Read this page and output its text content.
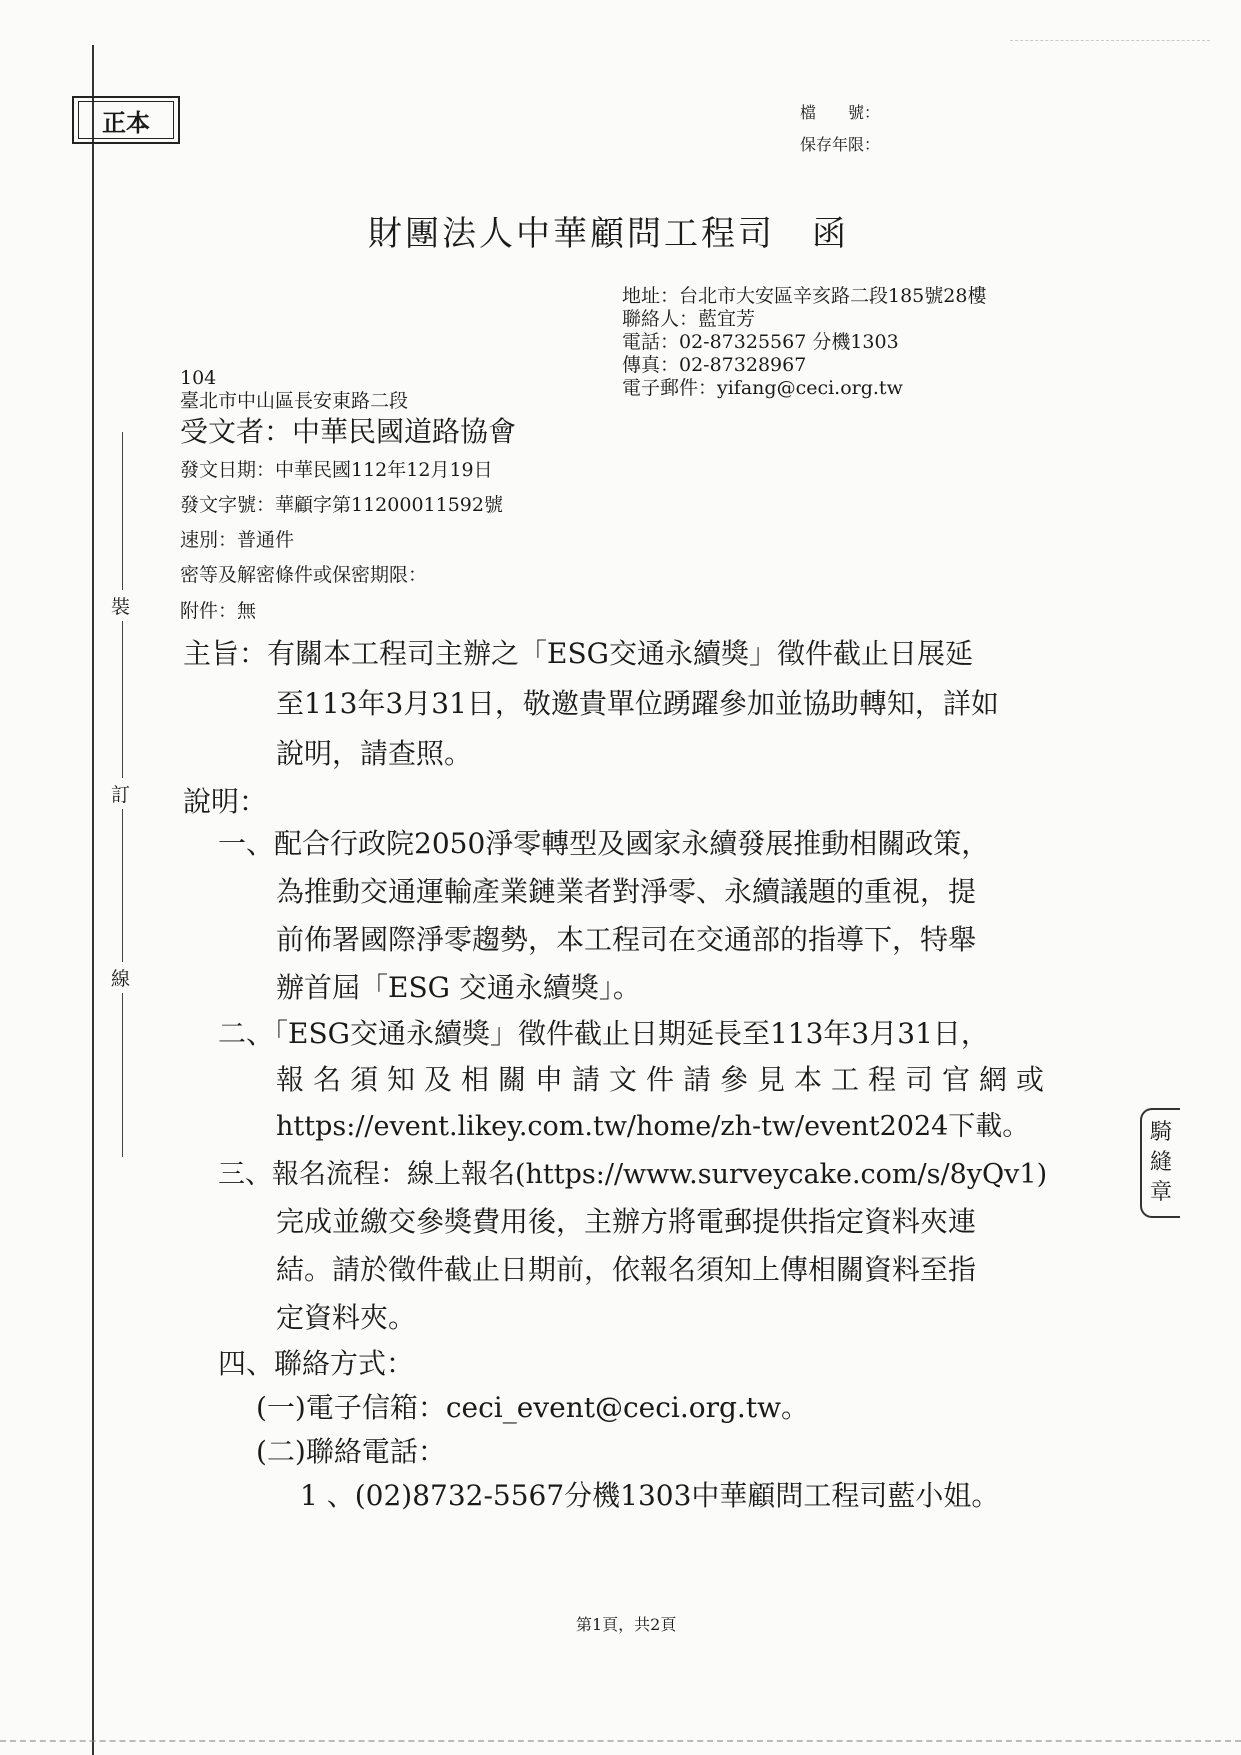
裝
訂
線
正本	檔　　號：
保存年限：
財團法人中華顧問工程司　函
地址：台北市大安區辛亥路二段185號28樓
聯絡人：藍宜芳
電話：02-87325567 分機1303
傳真：02-87328967
電子郵件：yifang@ceci.org.tw
104
臺北市中山區長安東路二段
受文者：中華民國道路協會
發文日期：中華民國112年12月19日
發文字號：華顧字第11200011592號
速別：普通件
密等及解密條件或保密期限：
附件：無
主旨：有關本工程司主辦之「ESG交通永續獎」徵件截止日展延
至113年3月31日，敬邀貴單位踴躍參加並協助轉知，詳如
說明，請查照。
說明：
一、配合行政院2050淨零轉型及國家永續發展推動相關政策，
為推動交通運輸產業鏈業者對淨零、永續議題的重視，提
前佈署國際淨零趨勢，本工程司在交通部的指導下，特舉
辦首屆「ESG 交通永續獎」。
二、「ESG交通永續獎」徵件截止日期延長至113年3月31日，
報名須知及相關申請文件請參見本工程司官網或
https://event.likey.com.tw/home/zh-tw/event2024下載。
三、報名流程：線上報名(https://www.surveycake.com/s/8yQv1)
完成並繳交參獎費用後，主辦方將電郵提供指定資料夾連
結。請於徵件截止日期前，依報名須知上傳相關資料至指
定資料夾。
四、聯絡方式：
(一)電子信箱：ceci_event@ceci.org.tw。
(二)聯絡電話：
1 、(02)8732-5567分機1303中華顧問工程司藍小姐。
騎
縫
章
第1頁，共2頁
